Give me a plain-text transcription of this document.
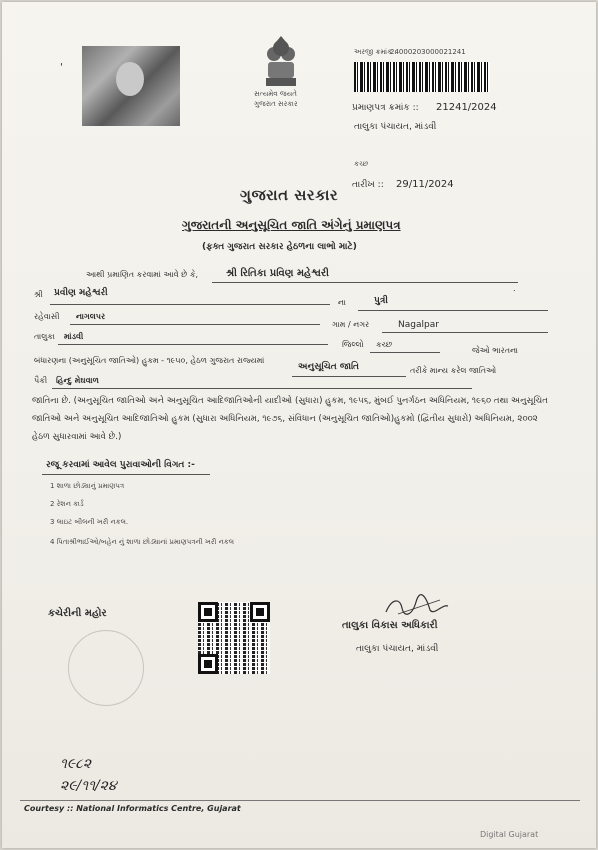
'
સત્યમેવ જયતે
ગુજરાત સરકાર
અરજી ક્રમાંક :
24000203000021241
પ્રમાણપત્ર ક્રમાંક :: 21241/2024
તાલુકા પંચાયત, માંડવી
કચ્છ
તારીખ :: 29/11/2024
ગુજરાત સરકાર
ગુજરાતની અનુસૂચિત જાતિ અંગેનું પ્રમાણપત્ર
(ફક્ત ગુજરાત સરકાર હેઠળના લાભો માટે)
આથી પ્રમાણિત કરવામાં આવે છે કે,	શ્રી રિતિકા પ્રવિણ મહેશ્વરી
.
શ્રી પ્રવીણ મહેશ્વરી
ના	પુત્રી
રહેવાસી નાગલપર
ગામ / નગર	Nagalpar
તાલુકા માંડવી
જિલ્લો કચ્છ
જેઓ ભારતના
બંધારણના (અનુસૂચિત જાતિઓ) હુકમ - ૧૯૫૦, હેઠળ ગુજરાત રાજ્યમાં
અનુસૂચિત જાતિ	તરીકે માન્ય કરેલ જાતિઓ
પૈકી હિન્દુ મેઘવાળ
જાતિના છે. (અનુસૂચિત જાતિઓ અને અનુસૂચિત આદિજાતિઓની યાદીઓ (સુધારા) હુકમ, ૧૯૫૬, મુંબઈ પુનર્ગઠન અધિનિયમ, ૧૯૬૦ તથા અનુસૂચિત જાતિઓ અને અનુસૂચિત આદિજાતિઓ હુકમ (સુધારા અધિનિયમ, ૧૯૭૬, સંવિધાન (અનુસૂચિત જાતિઓ)હુકમો (દ્વિતીય સુધારો) અધિનિયમ, ૨૦૦૨ હેઠળ સુધારવામાં આવે છે.)
રજૂ કરવામાં આવેલ પુરાવાઓની વિગત :-
1 શાળા છોડ્યાનું પ્રમાણપત્ર
2 રેશન કાર્ડ
3 લાઇટ બીલની ખરી નકલ.
4 પિતાશ્રીભાઈઓ/બહેન નું શાળા છોડ્યાનાં પ્રમાણપત્રની ખરી નકલ
કચેરીની મહોર
તાલુકા વિકાસ અધિકારી
તાલુકા પંચાયત, માંડવી
૧૯૮૨
૨૯/૧૧/૨૪
Courtesy :: National Informatics Centre, Gujarat
Digital Gujarat
